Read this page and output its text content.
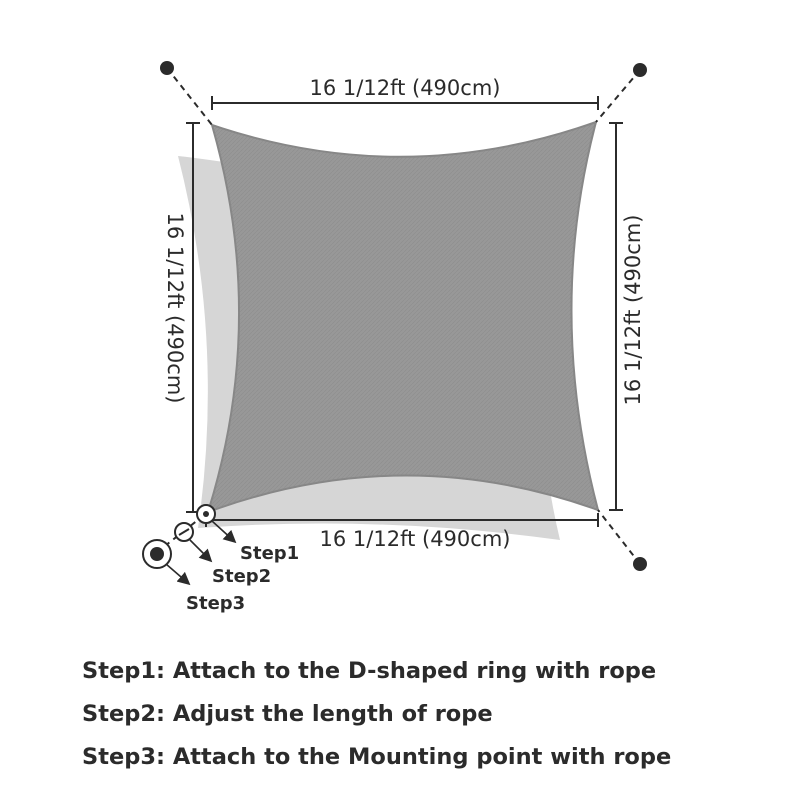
16 1/12ft (490cm)
16 1/12ft (490cm)
16 1/12ft (490cm)	16 1/12ft (490cm)
Step1
Step2
Step3
Step1: Attach to the D-shaped ring with rope
Step2: Adjust the length of rope
Step3: Attach to the Mounting point with rope
